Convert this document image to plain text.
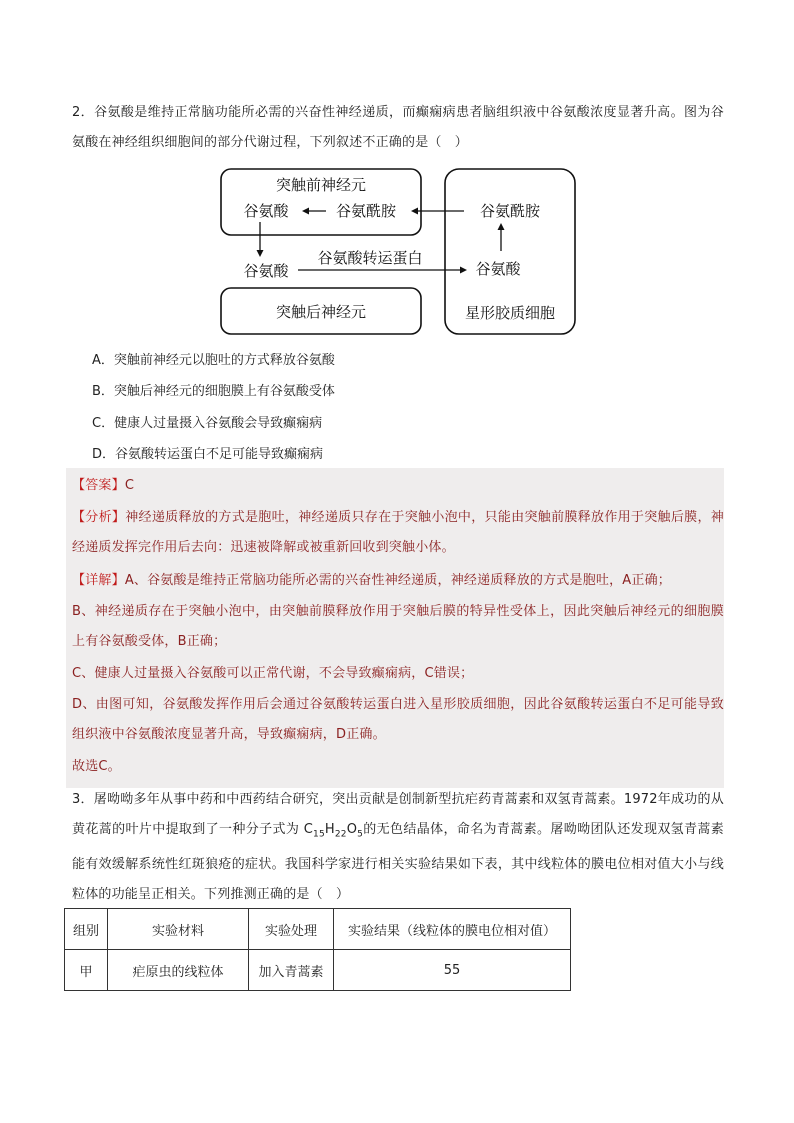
2．谷氨酸是维持正常脑功能所必需的兴奋性神经递质，而癫痫病患者脑组织液中谷氨酸浓度显著升高。图为谷氨酸在神经组织细胞间的部分代谢过程，下列叙述不正确的是（　）
突触前神经元
谷氨酸	谷氨酰胺	谷氨酰胺
谷氨酸
谷氨酸转运蛋白
谷氨酸
突触后神经元	星形胶质细胞
A．突触前神经元以胞吐的方式释放谷氨酸
B．突触后神经元的细胞膜上有谷氨酸受体
C．健康人过量摄入谷氨酸会导致癫痫病
D．谷氨酸转运蛋白不足可能导致癫痫病
【答案】C
【分析】神经递质释放的方式是胞吐，神经递质只存在于突触小泡中，只能由突触前膜释放作用于突触后膜，神经递质发挥完作用后去向：迅速被降解或被重新回收到突触小体。
【详解】A、谷氨酸是维持正常脑功能所必需的兴奋性神经递质，神经递质释放的方式是胞吐，A正确；
B、神经递质存在于突触小泡中，由突触前膜释放作用于突触后膜的特异性受体上，因此突触后神经元的细胞膜上有谷氨酸受体，B正确；
C、健康人过量摄入谷氨酸可以正常代谢，不会导致癫痫病，C错误；
D、由图可知，谷氨酸发挥作用后会通过谷氨酸转运蛋白进入星形胶质细胞，因此谷氨酸转运蛋白不足可能导致组织液中谷氨酸浓度显著升高，导致癫痫病，D正确。
故选C。
3．屠呦呦多年从事中药和中西药结合研究，突出贡献是创制新型抗疟药青蒿素和双氢青蒿素。1972年成功的从黄花蒿的叶片中提取到了一种分子式为 $C_{15}H_{22}O_5$的无色结晶体，命名为青蒿素。屠呦呦团队还发现双氢青蒿素能有效缓解系统性红斑狼疮的症状。我国科学家进行相关实验结果如下表，其中线粒体的膜电位相对值大小与线粒体的功能呈正相关。下列推测正确的是（　）
组别	实验材料	实验处理	实验结果（线粒体的膜电位相对值）
甲	疟原虫的线粒体	加入青蒿素	55
